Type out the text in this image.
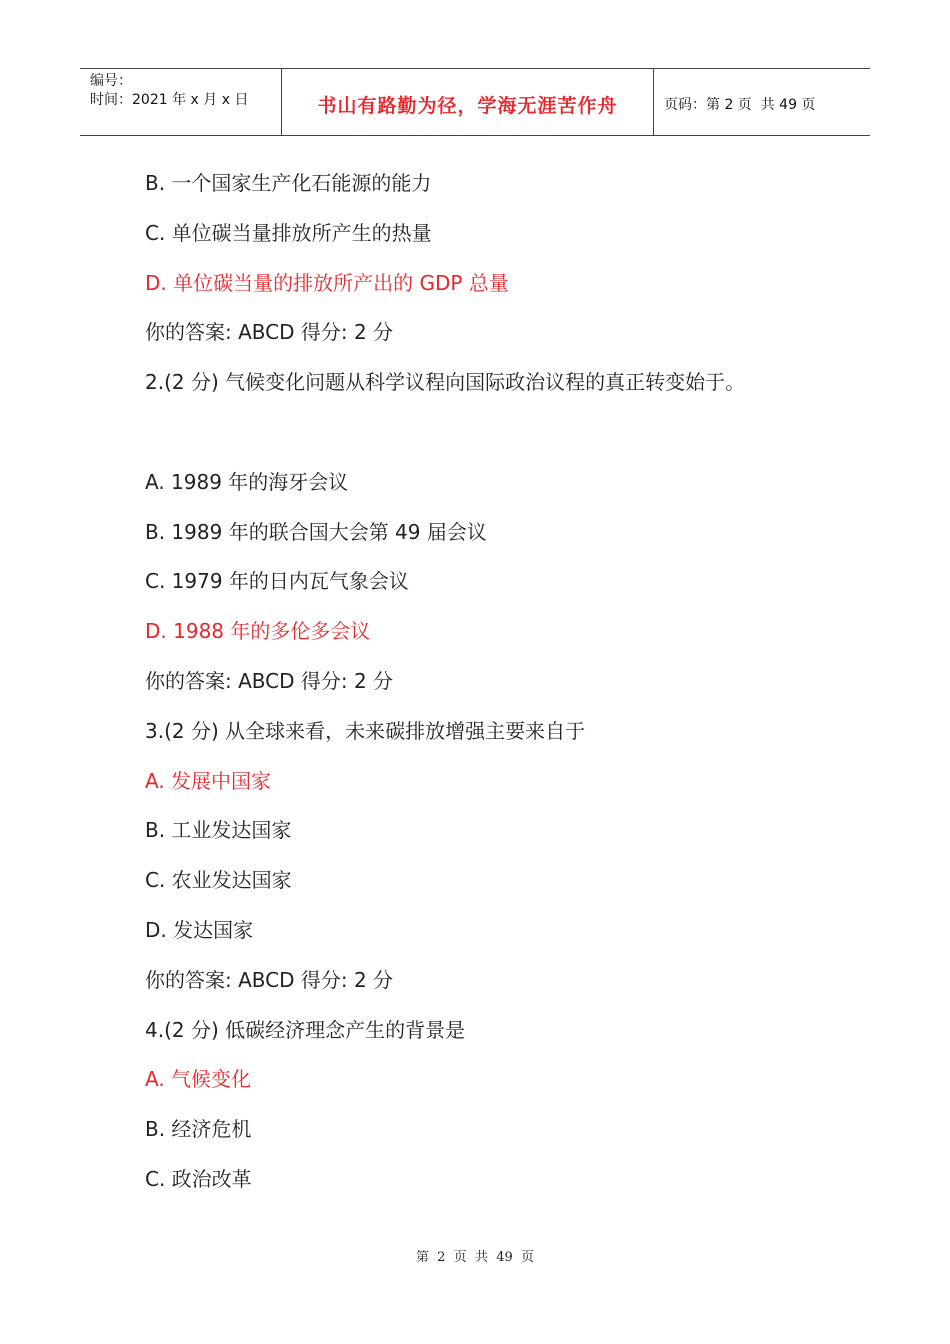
编号：
时间：2021 年 x 月 x 日	书山有路勤为径，学海无涯苦作舟	页码：第 2 页  共 49 页
B. 一个国家生产化石能源的能力
C. 单位碳当量排放所产生的热量
D. 单位碳当量的排放所产出的 GDP 总量
你的答案: ABCD 得分: 2 分
2.(2 分) 气候变化问题从科学议程向国际政治议程的真正转变始于。
A. 1989 年的海牙会议
B. 1989 年的联合国大会第 49 届会议
C. 1979 年的日内瓦气象会议
D. 1988 年的多伦多会议
你的答案: ABCD 得分: 2 分
3.(2 分) 从全球来看，未来碳排放增强主要来自于
A. 发展中国家
B. 工业发达国家
C. 农业发达国家
D. 发达国家
你的答案: ABCD 得分: 2 分
4.(2 分) 低碳经济理念产生的背景是
A. 气候变化
B. 经济危机
C. 政治改革
第  2  页  共  49  页
